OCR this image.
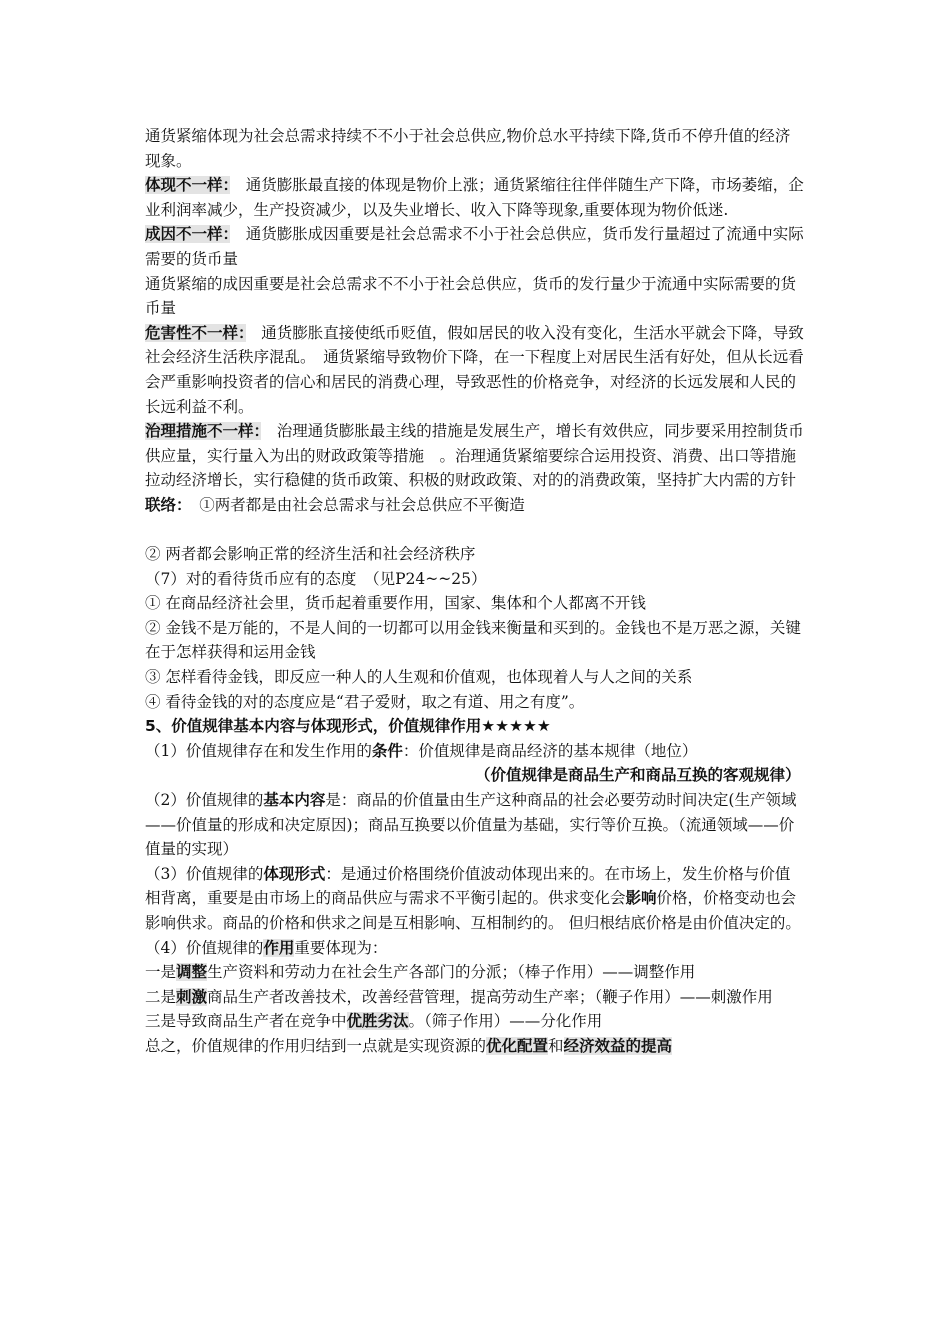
通货紧缩体现为社会总需求持续不不小于社会总供应,物价总水平持续下降,货币不停升值的经济现象。

体现不一样：　通货膨胀最直接的体现是物价上涨；通货紧缩往往伴伴随生产下降，市场萎缩，企业利润率减少，生产投资减少，以及失业增长、收入下降等现象,重要体现为物价低迷.

成因不一样：　通货膨胀成因重要是社会总需求不小于社会总供应，货币发行量超过了流通中实际需要的货币量

通货紧缩的成因重要是社会总需求不不小于社会总供应，货币的发行量少于流通中实际需要的货币量

危害性不一样：　通货膨胀直接使纸币贬值，假如居民的收入没有变化，生活水平就会下降，导致社会经济生活秩序混乱。　通货紧缩导致物价下降，在一下程度上对居民生活有好处，但从长远看会严重影响投资者的信心和居民的消费心理，导致恶性的价格竞争，对经济的长远发展和人民的长远利益不利。

治理措施不一样：　治理通货膨胀最主线的措施是发展生产，增长有效供应，同步要采用控制货币供应量，实行量入为出的财政政策等措施　。治理通货紧缩要综合运用投资、消费、出口等措施拉动经济增长，实行稳健的货币政策、积极的财政政策、对的的消费政策，坚持扩大内需的方针

联络：　①两者都是由社会总需求与社会总供应不平衡造

② 两者都会影响正常的经济生活和社会经济秩序

（7）对的看待货币应有的态度　（见P24~~25）

① 在商品经济社会里，货币起着重要作用，国家、集体和个人都离不开钱

② 金钱不是万能的，不是人间的一切都可以用金钱来衡量和买到的。金钱也不是万恶之源，关键在于怎样获得和运用金钱

③ 怎样看待金钱，即反应一种人的人生观和价值观，也体现着人与人之间的关系

④ 看待金钱的对的态度应是“君子爱财，取之有道、用之有度”。

5、价值规律基本内容与体现形式，价值规律作用★★★★★

（1）价值规律存在和发生作用的条件：价值规律是商品经济的基本规律（地位）

（价值规律是商品生产和商品互换的客观规律）

（2）价值规律的基本内容是：商品的价值量由生产这种商品的社会必要劳动时间决定(生产领域——价值量的形成和决定原因)；商品互换要以价值量为基础，实行等价互换。（流通领域——价值量的实现）

（3）价值规律的体现形式：是通过价格围绕价值波动体现出来的。在市场上，发生价格与价值相背离，重要是由市场上的商品供应与需求不平衡引起的。供求变化会影响价格，价格变动也会影响供求。商品的价格和供求之间是互相影响、互相制约的。 但归根结底价格是由价值决定的。

（4）价值规律的作用重要体现为：

一是调整生产资料和劳动力在社会生产各部门的分派；（棒子作用）——调整作用

二是刺激商品生产者改善技术，改善经营管理，提高劳动生产率；（鞭子作用）——刺激作用

三是导致商品生产者在竞争中优胜劣汰。（筛子作用）——分化作用

总之，价值规律的作用归结到一点就是实现资源的优化配置和经济效益的提高
